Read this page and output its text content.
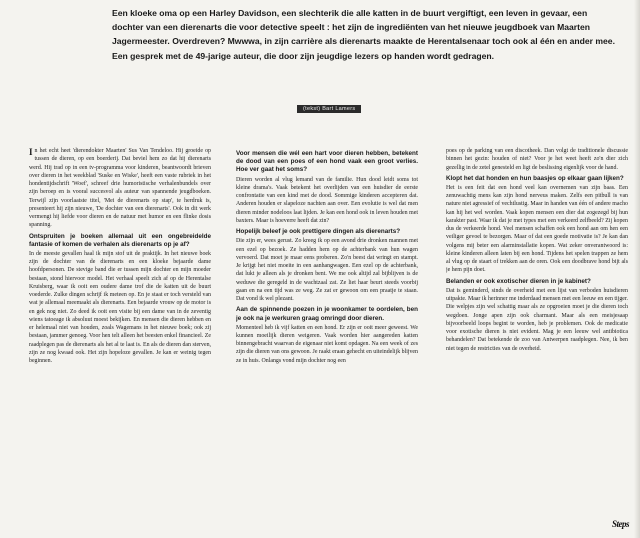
Een kloeke oma op een Harley Davidson, een slechterik die alle katten in de buurt vergiftigt, een leven in gevaar, een dochter van een dierenarts die voor detective speelt : het zijn de ingrediënten van het nieuwe jeugdboek van Maarten Jagermeester. Overdreven? Mwwwa, in zijn carrière als dierenarts maakte de Herentalsenaar toch ook al één en ander mee. Een gesprek met de 49-jarige auteur, die door zijn jeugdige lezers op handen wordt gedragen.

(tekst) Bart Lamers

In het echt heet 'dierendokter Maarten' Sus Van Tendeloo. Hij groeide op tussen de dieren, op een boerderij. Dat beviel hem zo dat hij dierenarts werd. Hij trad op in een tv-programma voor kinderen, beantwoordt brieven over dieren in het weekblad 'Suske en Wiske', heeft een vaste rubriek in het hondentijdschrift 'Woef', schreef drie humoristische verhalenbundels over zijn beroep en is vooral succesvol als auteur van spannende jeugdboeken. Terwijl zijn voorlaatste titel, 'Mei de dierenarts op stap', te herdruk is, presenteert hij zijn nieuwe, 'De dochter van een dierenarts'. Ook in dit werk vermengt hij liefde voor dieren en de natuur met humor en een flinke dosis spanning.

Ontspruiten je boeken allemaal uit een ongebreidelde fantasie of komen de verhalen als dierenarts op je af?

In de meeste gevallen haal ik mijn stof uit de praktijk. In het nieuwe boek zijn de dochter van de dierenarts en een kloeke bejaarde dame hoofdpersonen. De stevige band die er tussen mijn dochter en mijn moeder bestaan, stond hiervoor model. Het verhaal speelt zich af op de Herentalse Kruisberg, waar ik ooit een oudere dame trof die de katten uit de buurt voederde. Zulke dingen schrijf ik meteen op. En je staat er toch versteld van wat je allemaal meemaakt als dierenarts. Een bejaarde vrouw op de motor is en gek nog niet. Zo deed ik ooit een visite bij een dame van in de zeventig wiens tatoeage ik absoluut moest bekijken. En mensen die dieren hebben en er helemaal niet van houden, zoals Wagemans in het nieuwe boek; ook zij bestaan, jammer genoeg. Voor hen telt alleen het beesten enkel financieel. Ze raadplegen pas de dierenarts als het al te laat is. En als de dieren dan sterven, zijn ze nog kwaad ook. Het zijn hopeloze gevallen. Je kan er weinig tegen beginnen.

Voor mensen die wél een hart voor dieren hebben, betekent de dood van een poes of een hond vaak een groot verlies. Hoe ver gaat het soms?

Dieren worden al vlug lemand van de familie. Hun dood leidt soms tot kleine drama's. Vaak betekent het overlijden van een huisdier de eerste confrontatie van een kind met de dood. Sommige kinderen accepteren dat. Anderen houden er slapeloze nachten aan over. Een evolutie is wel dat men dieren minder nodeloos laat lijden. Je kan een hond ook in leven houden met baxters. Maar is hoeverre heeft dat zin?

Hopelijk beleef je ook prettigere dingen als dierenarts?

Die zijn er, wees gerust. Zo kreeg ik op een avond drie dronken mannen met een ezel op bezoek. Ze hadden hem op de achterbank van hun wagen vervoerd. Dat moet je maar eens proberen. Zo'n beest dat wringt en stampt. Je krijgt het niet moeite in een aanhangwagen. Een ezel op de achterbank, dat lukt je alleen als je dronken bent. We me ook altijd zal bijblijven is de weduwe die geregeld in de wachtzaal zat. Ze liet haar beurt steeds voorbij gaan en na een tijd was ze weg. Ze zat er gewoon om een praatje te staan. Dat vond ik wel plezant.

Aan de spinnende poezen in je woonkamer te oordelen, ben je ook na je werkuren graag omringd door dieren.

Momenteel heb ik vijf katten en een hond. Er zijn er ooit meer geweest. We kunnen moeilijk dieren weigeren. Vaak worden hier aangereden katten binnengebracht waarvan de eigenaar niet komt opdagen. Na een week of zes zijn die dieren van ons gewoon. Je raakt eraan gehecht en uiteindelijk blijven ze in huis. Onlangs vond mijn dochter nog een

poes op de parking van een discotheek. Dan volgt de traditionele discussie binnen het gezin: houden of niet? Voor je het weet heeft zo'n dier zich gezellig in de zetel genesteld en ligt de beslissing eigenlijk voor de hand.

Klopt het dat honden en hun baasjes op elkaar gaan lijken?

Het is een feit dat een hond veel kan overnemen van zijn baas. Een zenuwachtig mens kan zijn hond nerveus maken. Zelfs een pitbull is van nature niet agressief of vechtlustig. Maar in handen van één of andere macho kan hij het wel worden. Vaak kopen mensen een dier dat zogezegd bij hun karakter past. Waar ik dat je met types met een verkeerd zelfbeeld? Zij kopen dus de verkeerde hond. Veel mensen schaffen ook een hond aan om hen een veiliger gevoel te bezorgen. Maar of dat een goede motivatie is? Je kan dan volgens mij beter een alarminstallatie kopen. Wat zeker onverantwoord is: kleine kinderen alleen laten bij een hond. Tijdens het spelen trappen ze hem al vlug op de staart of trekken aan de oren. Ook een doodbrave hond bijt als je hem pijn doet.

Belanden er ook exotischer dieren in je kabinet?

Dat is geminderd, sinds de overheid met een lijst van verboden huisdieren uitpakte. Maar ik herinner me inderdaad mensen met een leeuw en een tijger. Die welpjes zijn wel schattig maar als ze opgroeien moet je die dieren toch wegdoen. Jonge apen zijn ook charmant. Maar als een meisjesaap bijvoorbeeld loops begint te worden, heb je problemen. Ook de medicatie voor exotische dieren is niet evident. Mag je een leeuw wel antibiotica behandelen? Dat betekende de zoo van Antwerpen raadplegen. Nee, ik ben niet tegen de restricties van de overheid.

Steps
